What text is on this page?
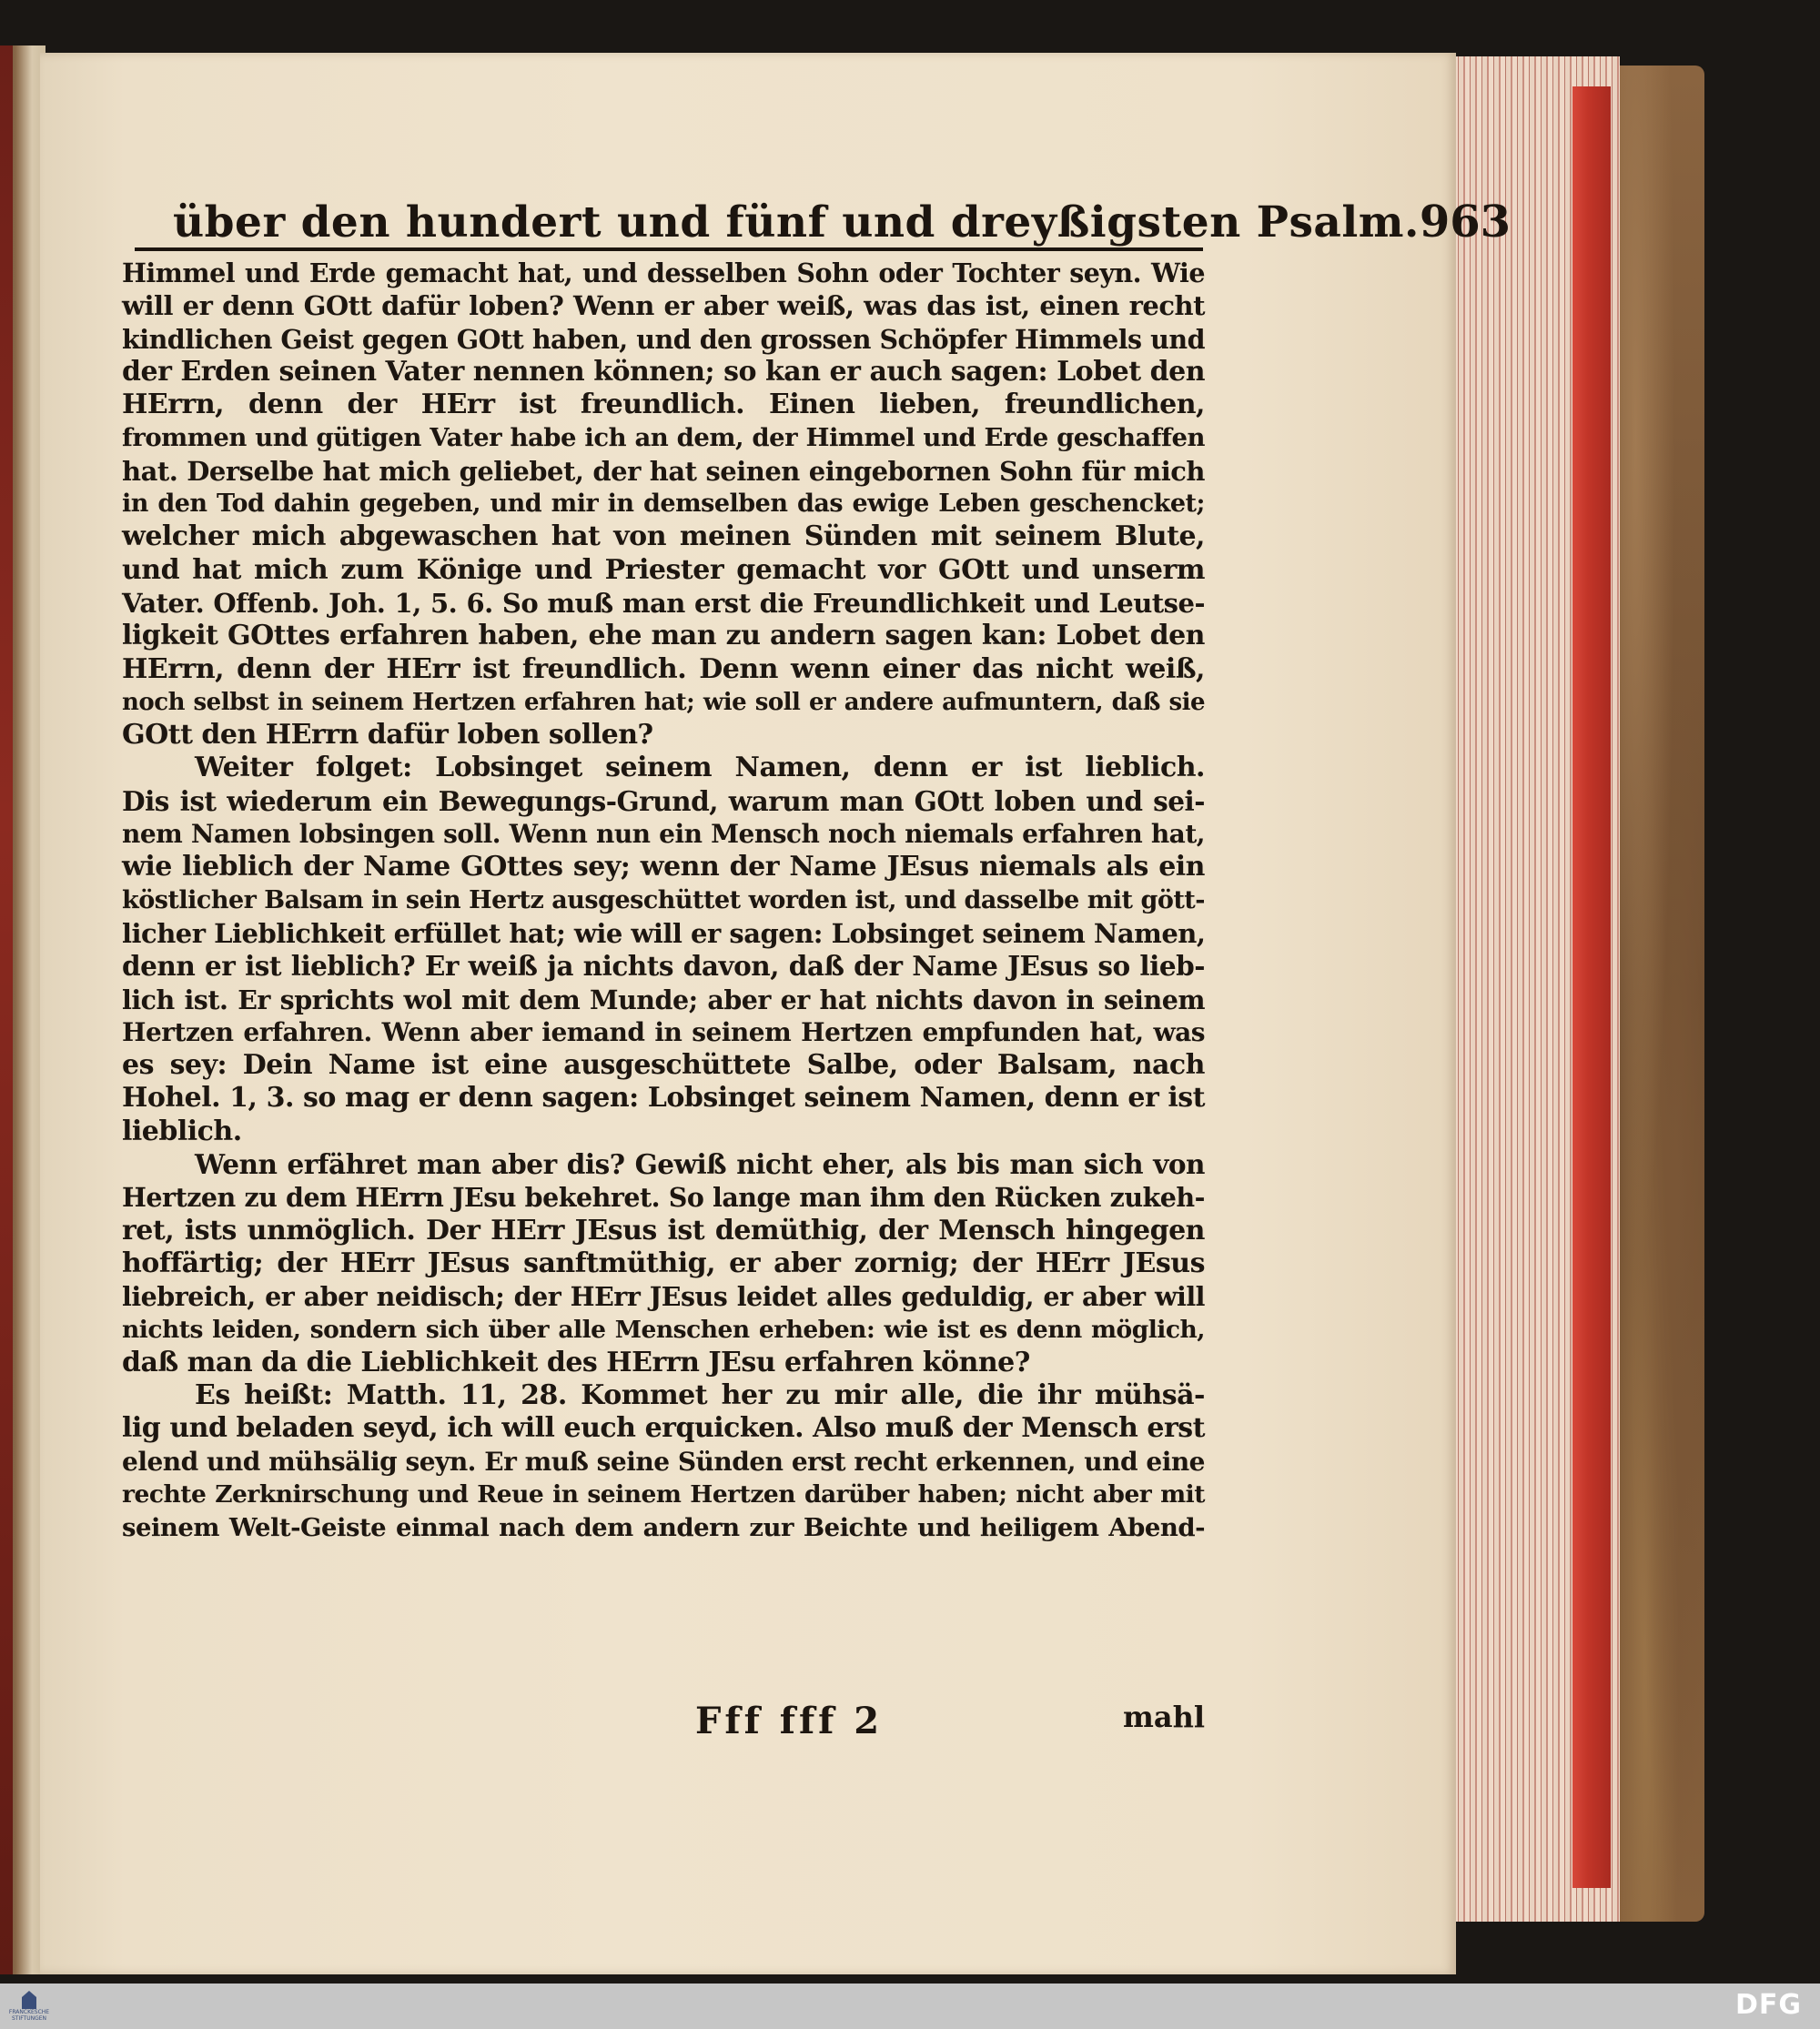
über den hundert und fünf und dreyßigsten Psalm. 963
Himmel und Erde gemacht hat, und desselben Sohn oder Tochter seyn. Wie
will er denn GOtt dafür loben? Wenn er aber weiß, was das ist, einen recht
kindlichen Geist gegen GOtt haben, und den grossen Schöpfer Himmels und
der Erden seinen Vater nennen können; so kan er auch sagen: Lobet den
HErrn, denn der HErr ist freundlich. Einen lieben, freundlichen,
frommen und gütigen Vater habe ich an dem, der Himmel und Erde geschaffen
hat. Derselbe hat mich geliebet, der hat seinen eingebornen Sohn für mich
in den Tod dahin gegeben, und mir in demselben das ewige Leben geschencket;
welcher mich abgewaschen hat von meinen Sünden mit seinem Blute,
und hat mich zum Könige und Priester gemacht vor GOtt und unserm
Vater. Offenb. Joh. 1, 5. 6. So muß man erst die Freundlichkeit und Leutse-
ligkeit GOttes erfahren haben, ehe man zu andern sagen kan: Lobet den
HErrn, denn der HErr ist freundlich. Denn wenn einer das nicht weiß,
noch selbst in seinem Hertzen erfahren hat; wie soll er andere aufmuntern, daß sie
GOtt den HErrn dafür loben sollen?
Weiter folget: Lobsinget seinem Namen, denn er ist lieblich.
Dis ist wiederum ein Bewegungs-Grund, warum man GOtt loben und sei-
nem Namen lobsingen soll. Wenn nun ein Mensch noch niemals erfahren hat,
wie lieblich der Name GOttes sey; wenn der Name JEsus niemals als ein
köstlicher Balsam in sein Hertz ausgeschüttet worden ist, und dasselbe mit gött-
licher Lieblichkeit erfüllet hat; wie will er sagen: Lobsinget seinem Namen,
denn er ist lieblich? Er weiß ja nichts davon, daß der Name JEsus so lieb-
lich ist. Er sprichts wol mit dem Munde; aber er hat nichts davon in seinem
Hertzen erfahren. Wenn aber iemand in seinem Hertzen empfunden hat, was
es sey: Dein Name ist eine ausgeschüttete Salbe, oder Balsam, nach
Hohel. 1, 3. so mag er denn sagen: Lobsinget seinem Namen, denn er ist
lieblich.
Wenn erfähret man aber dis? Gewiß nicht eher, als bis man sich von
Hertzen zu dem HErrn JEsu bekehret. So lange man ihm den Rücken zukeh-
ret, ists unmöglich. Der HErr JEsus ist demüthig, der Mensch hingegen
hoffärtig; der HErr JEsus sanftmüthig, er aber zornig; der HErr JEsus
liebreich, er aber neidisch; der HErr JEsus leidet alles geduldig, er aber will
nichts leiden, sondern sich über alle Menschen erheben: wie ist es denn möglich,
daß man da die Lieblichkeit des HErrn JEsu erfahren könne?
Es heißt: Matth. 11, 28. Kommet her zu mir alle, die ihr mühsä-
lig und beladen seyd, ich will euch erquicken. Also muß der Mensch erst
elend und mühsälig seyn. Er muß seine Sünden erst recht erkennen, und eine
rechte Zerknirschung und Reue in seinem Hertzen darüber haben; nicht aber mit
seinem Welt-Geiste einmal nach dem andern zur Beichte und heiligem Abend-
Fff fff 2	mahl
FRANCKESCHE STIFTUNGEN	DFG
